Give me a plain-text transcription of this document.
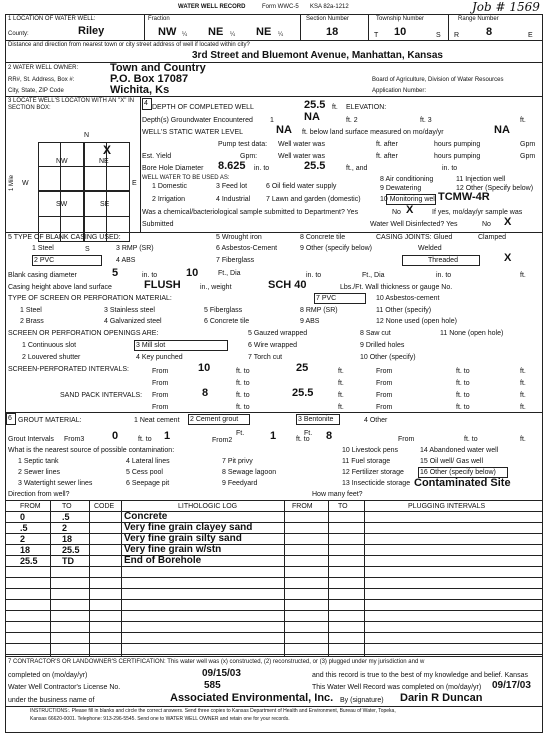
WATER WELL RECORD	Form WWC-5 KSA 82a-1212	Job # 1569
1 LOCATION OF WATER WELL:
County:	Riley
Fraction
NW ¼ NE ¼ NE ¼
Section Number
18
Township Number
T 10	S
Range Number
R 8	E
Distance and direction from nearest town or city street address of well if located within city?
3rd Street and Bluemont Avenue, Manhattan, Kansas
2 WATER WELL OWNER:	Town and Country
RR#, St. Address, Box #:	P.O. Box 17087	Board of Agriculture, Division of Water Resources
City, State, ZIP Code	Wichita, Ks	Application Number:
3 LOCATE WELL'S LOCATON WITH AN "X" IN SECTION BOX:
N
S
W	E
1 Mile
NW	NE
SW	SE
X
4
DEPTH OF COMPLETED WELL	25.5 ft. ELEVATION:
Depth(s) Groundwater Encountered 1	NA	ft. 2	ft. 3	ft.
WELL'S STATIC WATER LEVEL	NA ft. below land surface measured on mo/day/yr	NA
Pump test data: Well water was	ft. after	hours pumping	Gpm
Est. Yield	Gpm:	Well water was	ft. after	hours pumping	Gpm
Bore Hole Diameter 8.625 in. to	25.5	ft., and	in. to
WELL WATER TO BE USED AS:
1 Domestic	3 Feed lot	6 Oil field water supply
8 Air conditioning	11 Injection well
2 Irrigation	4 Industrial 7 Lawn and garden (domestic)
9 Dewatering	12 Other (Specify below)
10 Monitoring well TCMW-4R
Was a chemical/bacteriological sample submitted to Department? Yes	No X	If yes, mo/day/yr sample was
Submitted	Water Well Disinfected? Yes	No X
5 TYPE OF BLANK CASING USED:	5 Wrought iron	8 Concrete tile	CASING JOINTS: Glued	Clamped
1 Steel	3 RMP (SR)	6 Asbestos-Cement	9 Other (specify below)	Welded
2 PVC	4 ABS	7 Fiberglass	Threaded	X
Blank casing diameter	5	in. to	10	Ft., Dia	in. to	Ft., Dia	in. to	ft.
Casing height above land surface	FLUSH	in., weight	SCH 40	Lbs./Ft. Wall thickness or gauge No.
TYPE OF SCREEN OR PERFORATION MATERIAL:	7 PVC	10 Asbestos-cement
1 Steel	3 Stainless steel	5 Fiberglass	8 RMP (SR)	11 Other (specify)
2 Brass	4 Galvanized steel	6 Concrete tile	9 ABS	12 None used (open hole)
SCREEN OR PERFORATION OPENINGS ARE:	5 Gauzed wrapped	8 Saw cut	11 None (open hole)
1 Continuous slot	3 Mill slot	6 Wire wrapped	9 Drilled holes
2 Louvered shutter	4 Key punched	7 Torch cut	10 Other (specify)
SCREEN-PERFORATED INTERVALS:	From	10	ft. to	25	ft.	From	ft. to	ft.
From	ft. to	ft.	From	ft. to	ft.
SAND PACK INTERVALS: From	8	ft. to	25.5	ft.	From	ft. to	ft.
From	ft. to	ft.	From	ft. to	ft.
6 GROUT MATERIAL:	1 Neat cement 2 Cement grout	3 Bentonite	4 Other
Grout Intervals From3	0	ft. to 1	Ft.
From2	1	ft. to 8
Ft.
From	ft. to	ft.
What is the nearest source of possible contamination:	10 Livestock pens	14 Abandoned water well
1 Septic tank	4 Lateral lines	7 Pit privy	11 Fuel storage	15 Oil well/ Gas well
2 Sewer lines	5 Cess pool	8 Sewage lagoon	12 Fertilizer storage 16 Other (specify below)
3 Watertight sewer lines	6 Seepage pit	9 Feedyard	13 Insecticide storage Contaminated Site
Direction from well?	How many feet?
FROM	TO	CODE	LITHOLOGIC LOG	FROM	TO	PLUGGING INTERVALS
0	.5	Concrete
.5	2	Very fine grain clayey sand
2	18	Very fine grain silty sand
18	25.5	Very fine grain w/stn
25.5	TD	End of Borehole
7 CONTRACTOR'S OR LANDOWNER'S CERTIFICATION: This water well was (x) constructed, (2) reconstructed, or (3) plugged under my jurisdiction and w
completed on (mo/day/yr)	09/15/03	and this record is true to the best of my knowledge and belief. Kansas
Water Well Contractor's License No.	585	This Water Well Record was completed on (mo/day/yr) 09/17/03
under the business name of	Associated Environmental, Inc. By (signature) Darin R Duncan
INSTRUCTIONS:. Please fill in blanks and circle the correct answers. Send three copies to Kansas Department of Health and Environment, Bureau of Water, Topeka,
Kansas 66620-0001. Telephone: 913-296-5545. Send one to WATER WELL OWNER and retain one for your records.
